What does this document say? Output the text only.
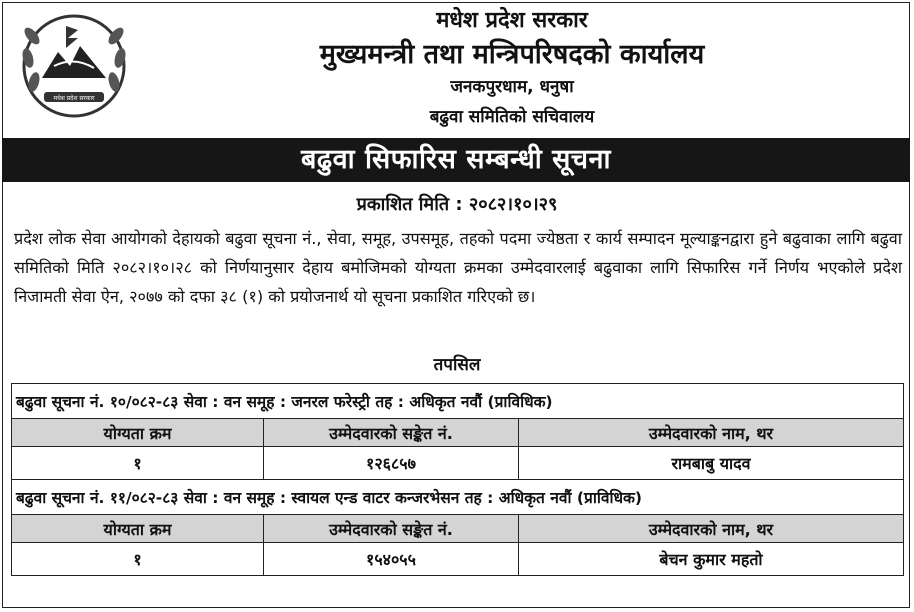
मधेश प्रदेश सरकार
मधेश प्रदेश सरकार
मुख्यमन्त्री तथा मन्त्रिपरिषदको कार्यालय
जनकपुरधाम, धनुषा
बढुवा समितिको सचिवालय
बढुवा सिफारिस सम्बन्धी सूचना
प्रकाशित मिति : २०८२।१०।२९
प्रदेश लोक सेवा आयोगको देहायको बढुवा सूचना नं., सेवा, समूह, उपसमूह, तहको पदमा ज्येष्ठता र कार्य सम्पादन मूल्याङ्कनद्वारा हुने बढुवाका लागि बढुवा समितिको मिति २०८२।१०।२८ को निर्णयानुसार देहाय बमोजिमको योग्यता क्रमका उम्मेदवारलाई बढुवाका लागि सिफारिस गर्ने निर्णय भएकोले प्रदेश निजामती सेवा ऐन, २०७७ को दफा ३८ (१) को प्रयोजनार्थ यो सूचना प्रकाशित गरिएको छ।
तपसिल
बढुवा सूचना नं. १०/०८२-८३ सेवा : वन समूह : जनरल फरेस्ट्री तह : अधिकृत नवौं (प्राविधिक)		
योग्यता क्रम	उम्मेदवारको सङ्केत नं.	उम्मेदवारको नाम, थर
१	१२६८५७	रामबाबु यादव
बढुवा सूचना नं. ११/०८२-८३ सेवा : वन समूह : स्वायल एन्ड वाटर कन्जरभेसन तह : अधिकृत नवौं (प्राविधिक)		
योग्यता क्रम	उम्मेदवारको सङ्केत नं.	उम्मेदवारको नाम, थर
१	१५४०५५	बेचन कुमार महतो
